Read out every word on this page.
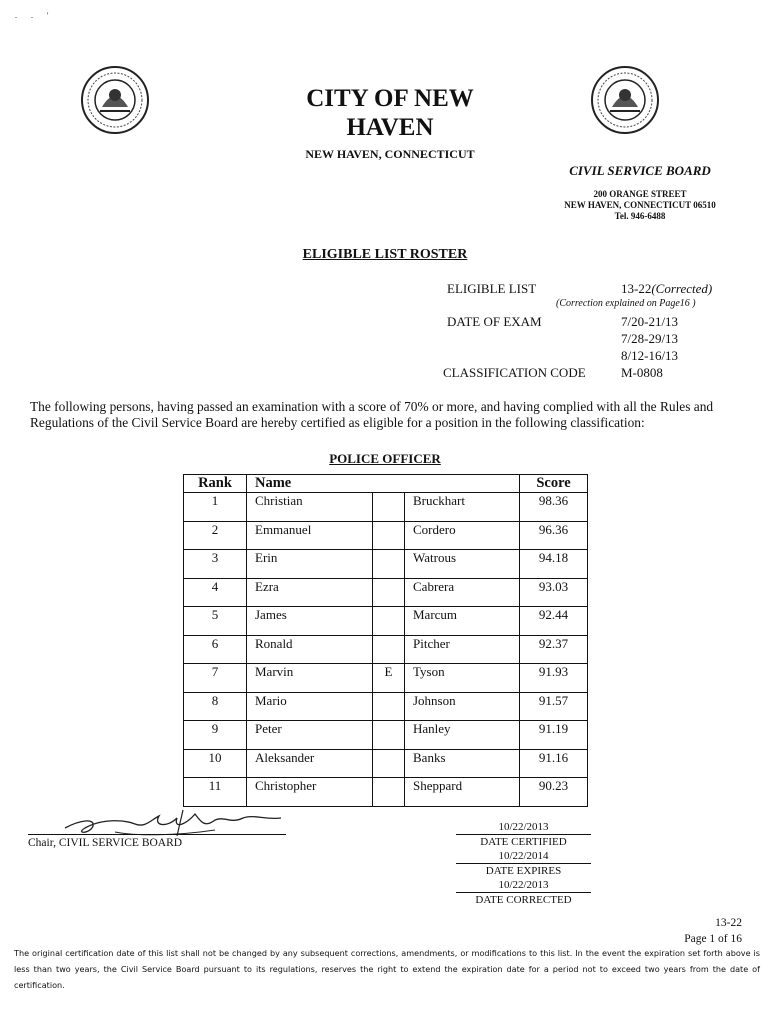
. . '
CITY OF NEW
HAVEN
NEW HAVEN, CONNECTICUT
CIVIL SERVICE BOARD
200 ORANGE STREET
NEW HAVEN, CONNECTICUT 06510
Tel. 946-6488
ELIGIBLE LIST ROSTER
ELIGIBLE LIST	13-22(Corrected)
(Correction explained on Page16 )
DATE OF EXAM	7/20-21/13
7/28-29/13
8/12-16/13
CLASSIFICATION CODE	M-0808
The following persons, having passed an examination with a score of 70% or more, and having complied with all the Rules and Regulations of the Civil Service Board are hereby certified as eligible for a position in the following classification:
POLICE OFFICER
Rank	Name			Score
1	Christian		Bruckhart	98.36
2	Emmanuel		Cordero	96.36
3	Erin		Watrous	94.18
4	Ezra		Cabrera	93.03
5	James		Marcum	92.44
6	Ronald		Pitcher	92.37
7	Marvin	E	Tyson	91.93
8	Mario		Johnson	91.57
9	Peter		Hanley	91.19
10	Aleksander		Banks	91.16
11	Christopher		Sheppard	90.23
Chair, CIVIL SERVICE BOARD
10/22/2013
DATE CERTIFIED
10/22/2014
DATE EXPIRES
10/22/2013
DATE CORRECTED
13-22
Page 1 of 16
The original certification date of this list shall not be changed by any subsequent corrections, amendments, or modifications to this list. In the event the expiration set forth above is less than two years, the Civil Service Board pursuant to its regulations, reserves the right to extend the expiration date for a period not to exceed two years from the date of certification.
